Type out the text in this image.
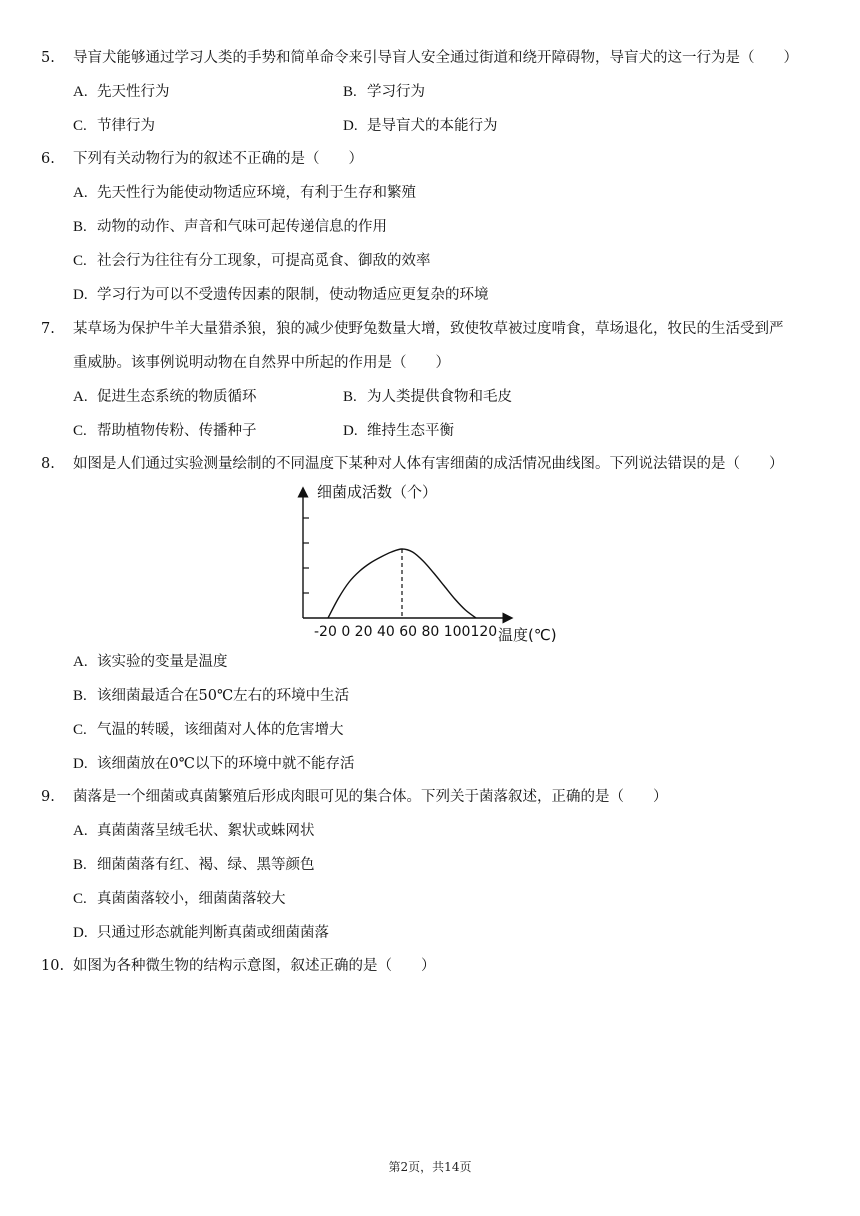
5. 导盲犬能够通过学习人类的手势和简单命令来引导盲人安全通过街道和绕开障碍物，导盲犬的这一行为是（　　）
A. 先天性行为	B. 学习行为
C. 节律行为	D. 是导盲犬的本能行为
6. 下列有关动物行为的叙述不正确的是（　　）
A. 先天性行为能使动物适应环境，有利于生存和繁殖
B. 动物的动作、声音和气味可起传递信息的作用
C. 社会行为往往有分工现象，可提高觅食、御敌的效率
D. 学习行为可以不受遗传因素的限制，使动物适应更复杂的环境
7. 某草场为保护牛羊大量猎杀狼，狼的减少使野兔数量大增，致使牧草被过度啃食，草场退化，牧民的生活受到严
重威胁。该事例说明动物在自然界中所起的作用是（　　）
A. 促进生态系统的物质循环	B. 为人类提供食物和毛皮
C. 帮助植物传粉、传播种子	D. 维持生态平衡
8. 如图是人们通过实验测量绘制的不同温度下某种对人体有害细菌的成活情况曲线图。下列说法错误的是（　　）
细菌成活数（个）
-20 0 20 40 60 80 100120 温度(℃)
A. 该实验的变量是温度
B. 该细菌最适合在50℃左右的环境中生活
C. 气温的转暖，该细菌对人体的危害增大
D. 该细菌放在0℃以下的环境中就不能存活
9. 菌落是一个细菌或真菌繁殖后形成肉眼可见的集合体。下列关于菌落叙述，正确的是（　　）
A. 真菌菌落呈绒毛状、絮状或蛛网状
B. 细菌菌落有红、褐、绿、黑等颜色
C. 真菌菌落较小，细菌菌落较大
D. 只通过形态就能判断真菌或细菌菌落
10. 如图为各种微生物的结构示意图，叙述正确的是（　　）
第2页，共14页
